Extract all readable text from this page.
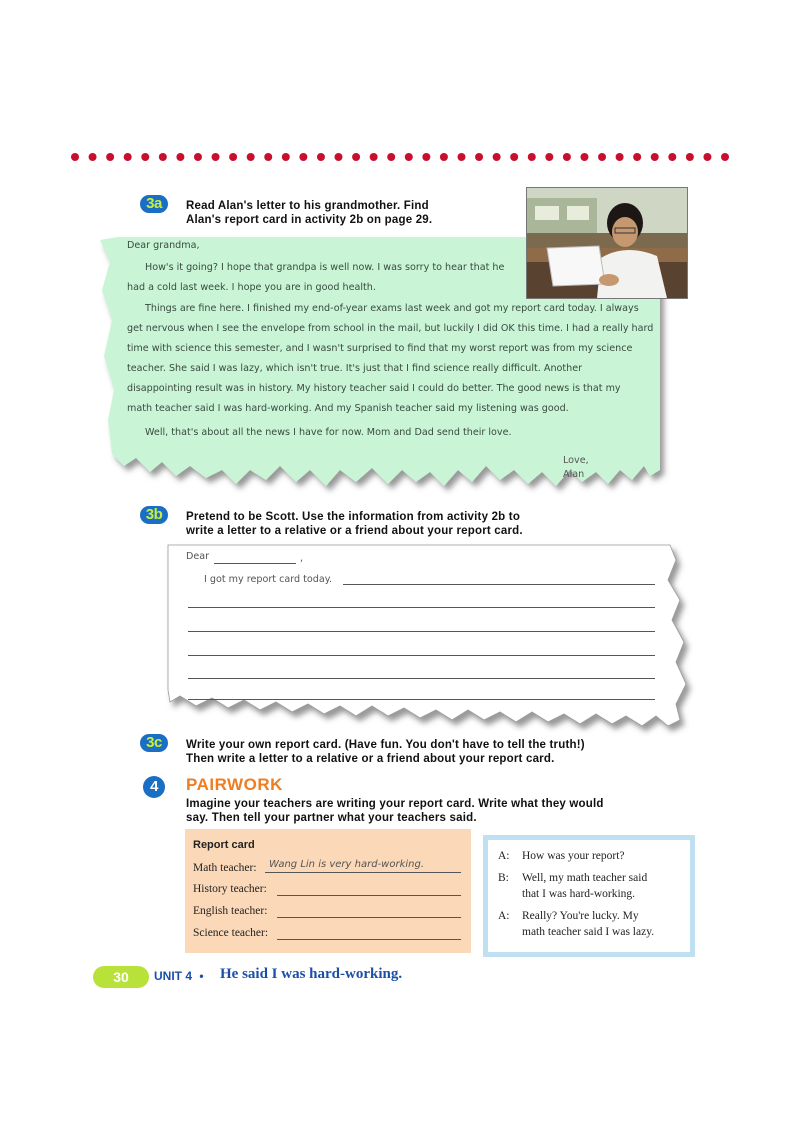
3a	Read Alan's letter to his grandmother. Find
Alan's report card in activity 2b on page 29.

Dear grandma,

How's it going? I hope that grandpa is well now. I was sorry to hear that he

had a cold last week. I hope you are in good health.

Things are fine here. I finished my end-of-year exams last week and got my report card today. I always

get nervous when I see the envelope from school in the mail, but luckily I did OK this time. I had a really hard

time with science this semester, and I wasn't surprised to find that my worst report was from my science

teacher. She said I was lazy, which isn't true. It's just that I find science really difficult. Another

disappointing result was in history. My history teacher said I could do better. The good news is that my

math teacher said I was hard-working. And my Spanish teacher said my listening was good.

Well, that's about all the news I have for now. Mom and Dad send their love.

Love,
Alan
3b	Pretend to be Scott. Use the information from activity 2b to
write a letter to a relative or a friend about your report card.
Dear	,
I got my report card today.
3c	Write your own report card. (Have fun. You don't have to tell the truth!)
Then write a letter to a relative or a friend about your report card.
4	PAIRWORK
Imagine your teachers are writing your report card. Write what they would
say. Then tell your partner what your teachers said.
Report card
Math teacher: Wang Lin is very hard-working.
History teacher:
English teacher:
Science teacher:
A: How was your report?
B: Well, my math teacher said
that I was hard-working.
A: Really? You're lucky. My
math teacher said I was lazy.
30	UNIT 4 • He said I was hard-working.
